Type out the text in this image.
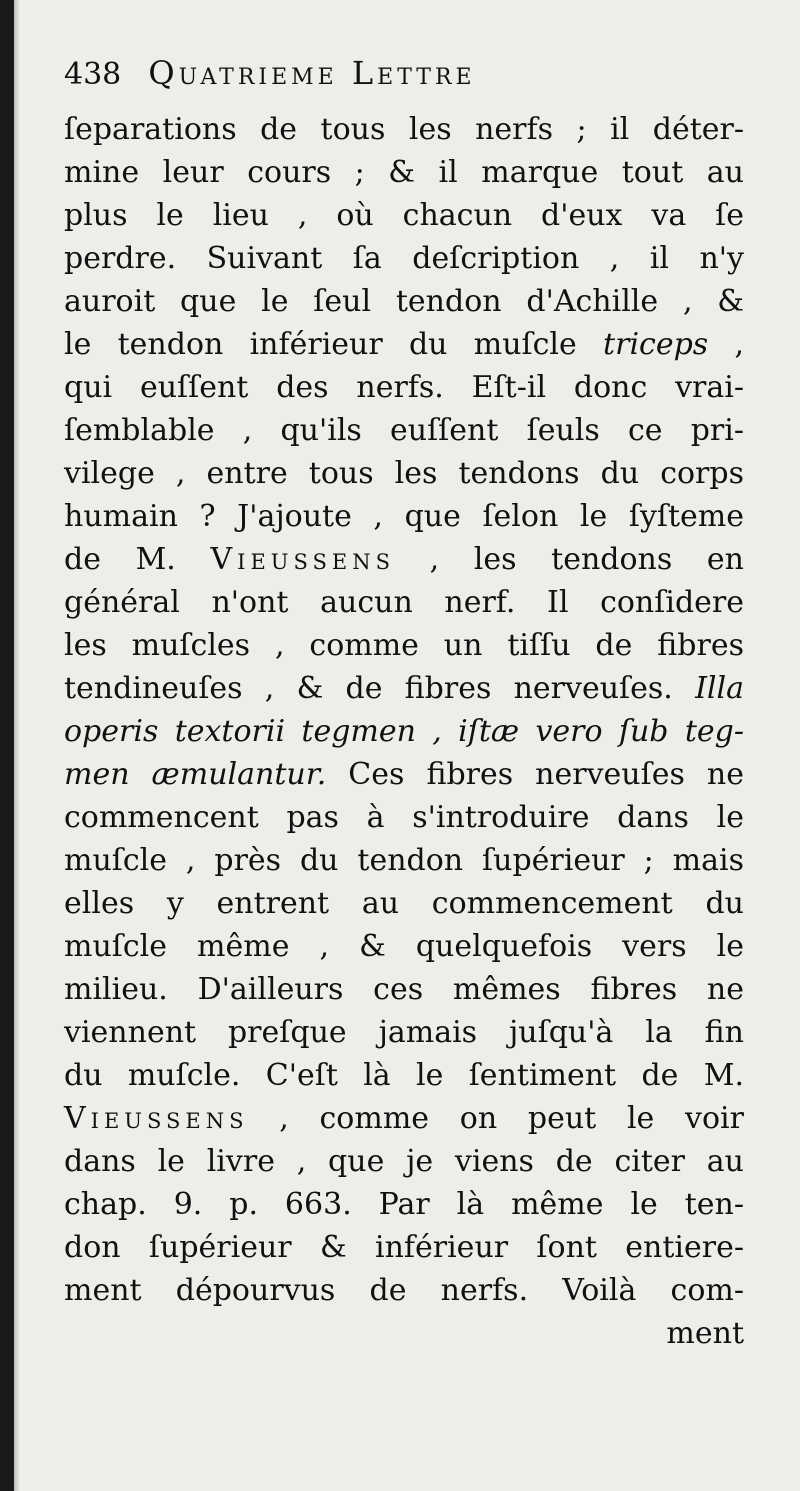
438 Quatrieme Lettre
ſeparations de tous les nerfs ; il déter-
mine leur cours ; & il marque tout au
plus le lieu , où chacun d'eux va ſe
perdre. Suivant ſa deſcription , il n'y
auroit que le ſeul tendon d'Achille , &
le tendon inférieur du muſcle triceps ,
qui euſſent des nerfs. Eſt-il donc vrai-
ſemblable , qu'ils euſſent ſeuls ce pri-
vilege , entre tous les tendons du corps
humain ? J'ajoute , que ſelon le ſyſteme
de M. Vieussens , les tendons en
général n'ont aucun nerf. Il conſidere
les muſcles , comme un tiſſu de fibres
tendineuſes , & de fibres nerveuſes. Illa
operis textorii tegmen , iſtæ vero ſub teg-
men æmulantur. Ces fibres nerveuſes ne
commencent pas à s'introduire dans le
muſcle , près du tendon ſupérieur ; mais
elles y entrent au commencement du
muſcle même , & quelquefois vers le
milieu. D'ailleurs ces mêmes fibres ne
viennent preſque jamais juſqu'à la fin
du muſcle. C'eſt là le ſentiment de M.
Vieussens , comme on peut le voir
dans le livre , que je viens de citer au
chap. 9. p. 663. Par là même le ten-
don ſupérieur & inférieur ſont entiere-
ment dépourvus de nerfs. Voilà com-
ment
